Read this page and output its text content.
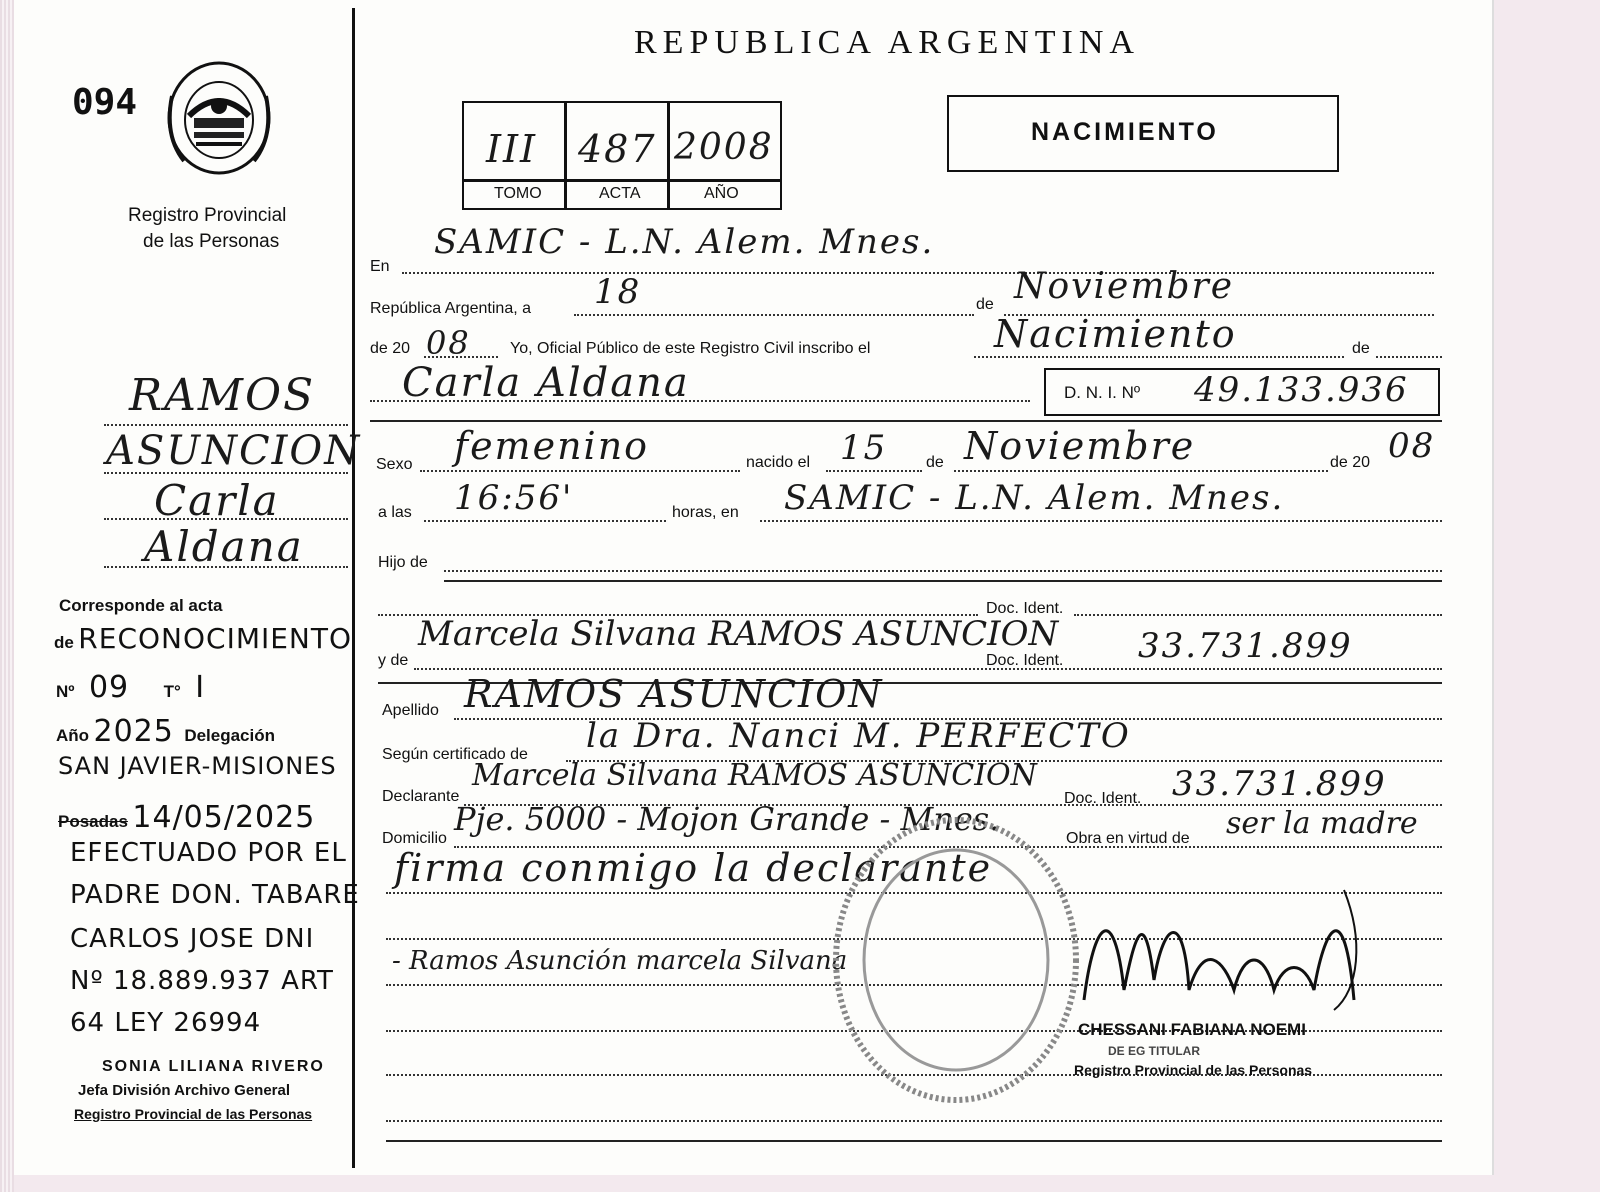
REPUBLICA ARGENTINA
094
Registro Provincial
de las Personas
III 487 2008
TOMO	ACTA	AÑO
NACIMIENTO
RAMOS
ASUNCION
Carla
Aldana
Corresponde al acta
de RECONOCIMIENTO
Nº 09 T° I
Año 2025 Delegación
SAN JAVIER-MISIONES
Posadas 14/05/2025
EFECTUADO POR EL
PADRE DON. TABARE
CARLOS JOSE DNI
Nº 18.889.937 ART
64 LEY 26994
SONIA LILIANA RIVERO
Jefa División Archivo General
Registro Provincial de las Personas
En
SAMIC - L.N. Alem. Mnes.
República Argentina, a 18	de Noviembre
de 20 08 Yo, Oficial Público de este Registro Civil inscribo el	Nacimiento	de
Carla Aldana	D. N. I. Nº 49.133.936
Sexo femenino	nacido el 15 de Noviembre	de 20 08
a las 16:56'	horas, en SAMIC - L.N. Alem. Mnes.
Hijo de
Doc. Ident.
y de
Marcela Silvana RAMOS ASUNCION
Doc. Ident. 33.731.899
Apellido RAMOS ASUNCION
Según certificado de la Dra. Nanci M. PERFECTO
Declarante
Marcela Silvana RAMOS ASUNCION
Doc. Ident. 33.731.899
Domicilio
Pje. 5000 - Mojon Grande - Mnes.
Obra en virtud de ser la madre
firma conmigo la declarante
- Ramos Asunción marcela Silvana
CHESSANI FABIANA NOEMI
DE EG TITULAR
Registro Provincial de las Personas
